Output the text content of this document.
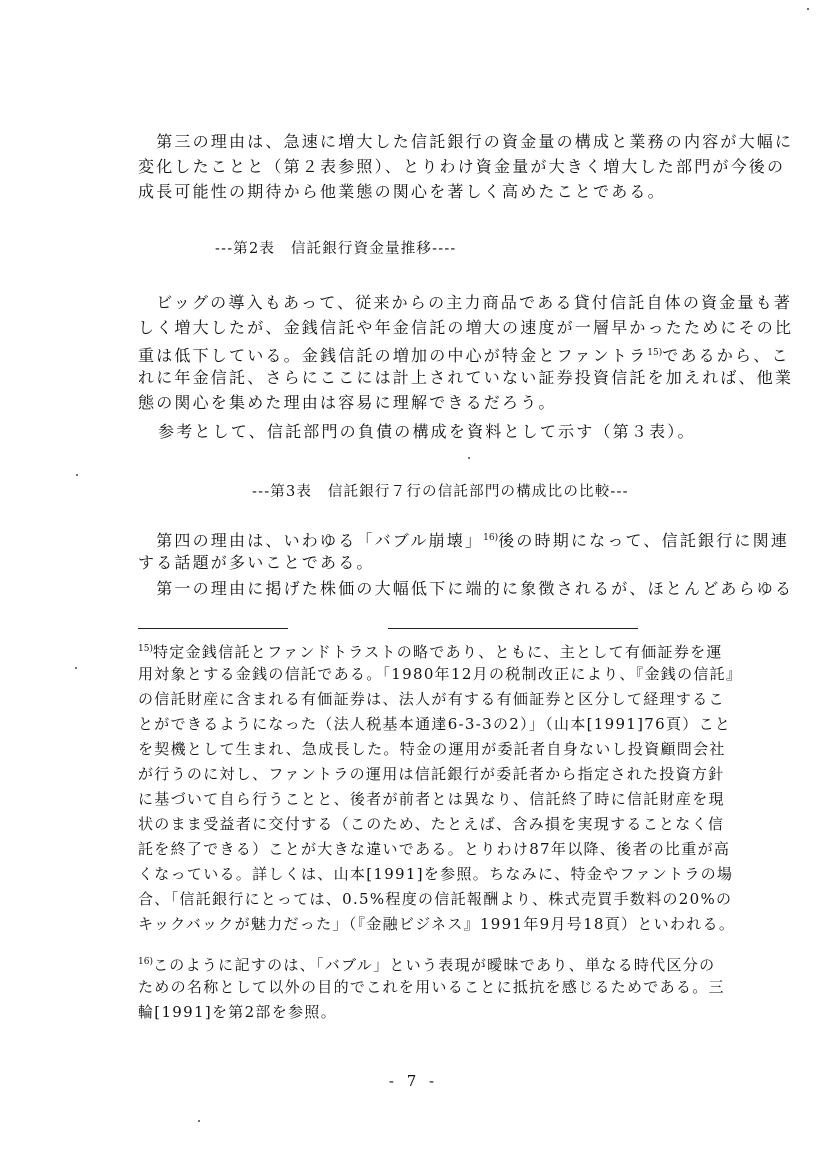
　第三の理由は、急速に増大した信託銀行の資金量の構成と業務の内容が大幅に
変化したことと（第２表参照）、とりわけ資金量が大きく増大した部門が今後の
成長可能性の期待から他業態の関心を著しく高めたことである。
---第2表　信託銀行資金量推移----
　ビッグの導入もあって、従来からの主力商品である貸付信託自体の資金量も著
しく増大したが、金銭信託や年金信託の増大の速度が一層早かったためにその比
重は低下している。金銭信託の増加の中心が特金とファントラ$^{15)}$であるから、こ
れに年金信託、さらにここには計上されていない証券投資信託を加えれば、他業
態の関心を集めた理由は容易に理解できるだろう。
参考として、信託部門の負債の構成を資料として示す（第３表）。
---第3表　信託銀行７行の信託部門の構成比の比較---
　第四の理由は、いわゆる「バブル崩壊」$^{16)}$後の時期になって、信託銀行に関連
する話題が多いことである。
　第一の理由に掲げた株価の大幅低下に端的に象徴されるが、ほとんどあらゆる
$^{15)}$特定金銭信託とファンドトラストの略であり、ともに、主として有価証券を運
用対象とする金銭の信託である。「1980年12月の税制改正により、『金銭の信託』
の信託財産に含まれる有価証券は、法人が有する有価証券と区分して経理するこ
とができるようになった（法人税基本通達6-3-3の2）」（山本[1991]76頁）こと
を契機として生まれ、急成長した。特金の運用が委託者自身ないし投資顧問会社
が行うのに対し、ファントラの運用は信託銀行が委託者から指定された投資方針
に基づいて自ら行うことと、後者が前者とは異なり、信託終了時に信託財産を現
状のまま受益者に交付する（このため、たとえば、含み損を実現することなく信
託を終了できる）ことが大きな違いである。とりわけ87年以降、後者の比重が高
くなっている。詳しくは、山本[1991]を参照。ちなみに、特金やファントラの場
合、「信託銀行にとっては、0.5%程度の信託報酬より、株式売買手数料の20%の
キックバックが魅力だった」（『金融ビジネス』1991年9月号18頁）といわれる。
$^{16)}$このように記すのは、「バブル」という表現が曖昧であり、単なる時代区分の
ための名称として以外の目的でこれを用いることに抵抗を感じるためである。三
輪[1991]を第2部を参照。
- 7 -
